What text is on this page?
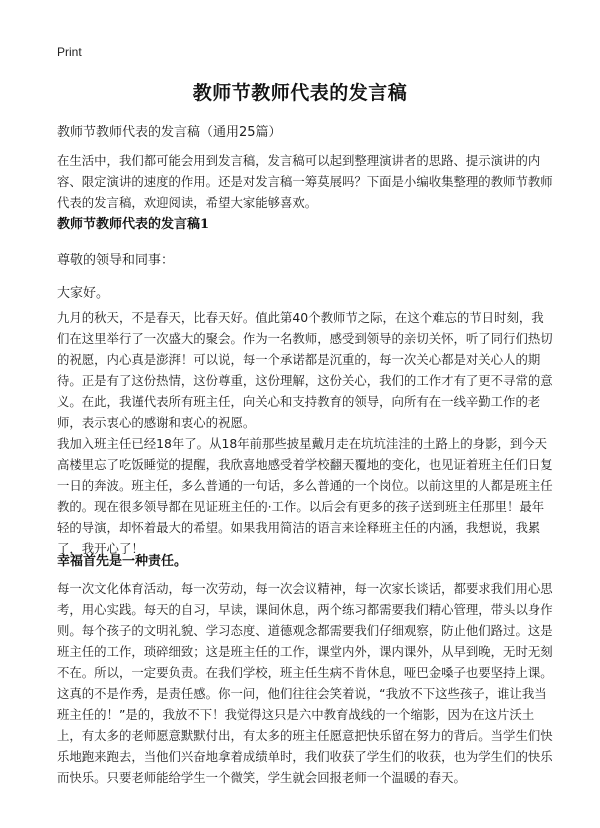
Print
教师节教师代表的发言稿
教师节教师代表的发言稿（通用25篇）

在生活中，我们都可能会用到发言稿，发言稿可以起到整理演讲者的思路、提示演讲的内容、限定演讲的速度的作用。还是对发言稿一筹莫展吗？下面是小编收集整理的教师节教师代表的发言稿，欢迎阅读，希望大家能够喜欢。

教师节教师代表的发言稿1
尊敬的领导和同事：
大家好。

九月的秋天，不是春天，比春天好。值此第40个教师节之际，在这个难忘的节日时刻，我们在这里举行了一次盛大的聚会。作为一名教师，感受到领导的亲切关怀，听了同行们热切的祝愿，内心真是澎湃！可以说，每一个承诺都是沉重的，每一次关心都是对关心人的期待。正是有了这份热情，这份尊重，这份理解，这份关心，我们的工作才有了更不寻常的意义。在此，我谨代表所有班主任，向关心和支持教育的领导，向所有在一线辛勤工作的老师，表示衷心的感谢和衷心的祝愿。

我加入班主任已经18年了。从18年前那些披星戴月走在坑坑洼洼的土路上的身影，到今天高楼里忘了吃饭睡觉的提醒，我欣喜地感受着学校翻天覆地的变化，也见证着班主任们日复一日的奔波。班主任，多么普通的一句话，多么普通的一个岗位。以前这里的人都是班主任教的。现在很多领导都在见证班主任的·工作。以后会有更多的孩子送到班主任那里！最年轻的导演，却怀着最大的希望。如果我用简洁的语言来诠释班主任的内涵，我想说，我累了，我开心了！

幸福首先是一种责任。

每一次文化体育活动，每一次劳动，每一次会议精神，每一次家长谈话，都要求我们用心思考，用心实践。每天的自习，早读，课间休息，两个练习都需要我们精心管理，带头以身作则。每个孩子的文明礼貌、学习态度、道德观念都需要我们仔细观察，防止他们路过。这是班主任的工作，琐碎细致；这是班主任的工作，课堂内外，课内课外，从早到晚，无时无刻不在。所以，一定要负责。在我们学校，班主任生病不肯休息，哑巴金嗓子也要坚持上课。这真的不是作秀，是责任感。你一问，他们往往会笑着说，“我放不下这些孩子，谁让我当班主任的！”是的，我放不下！我觉得这只是六中教育战线的一个缩影，因为在这片沃土上，有太多的老师愿意默默付出，有太多的班主任愿意把快乐留在努力的背后。当学生们快乐地跑来跑去，当他们兴奋地拿着成绩单时，我们收获了学生们的收获，也为学生们的快乐而快乐。只要老师能给学生一个微笑，学生就会回报老师一个温暖的春天。
